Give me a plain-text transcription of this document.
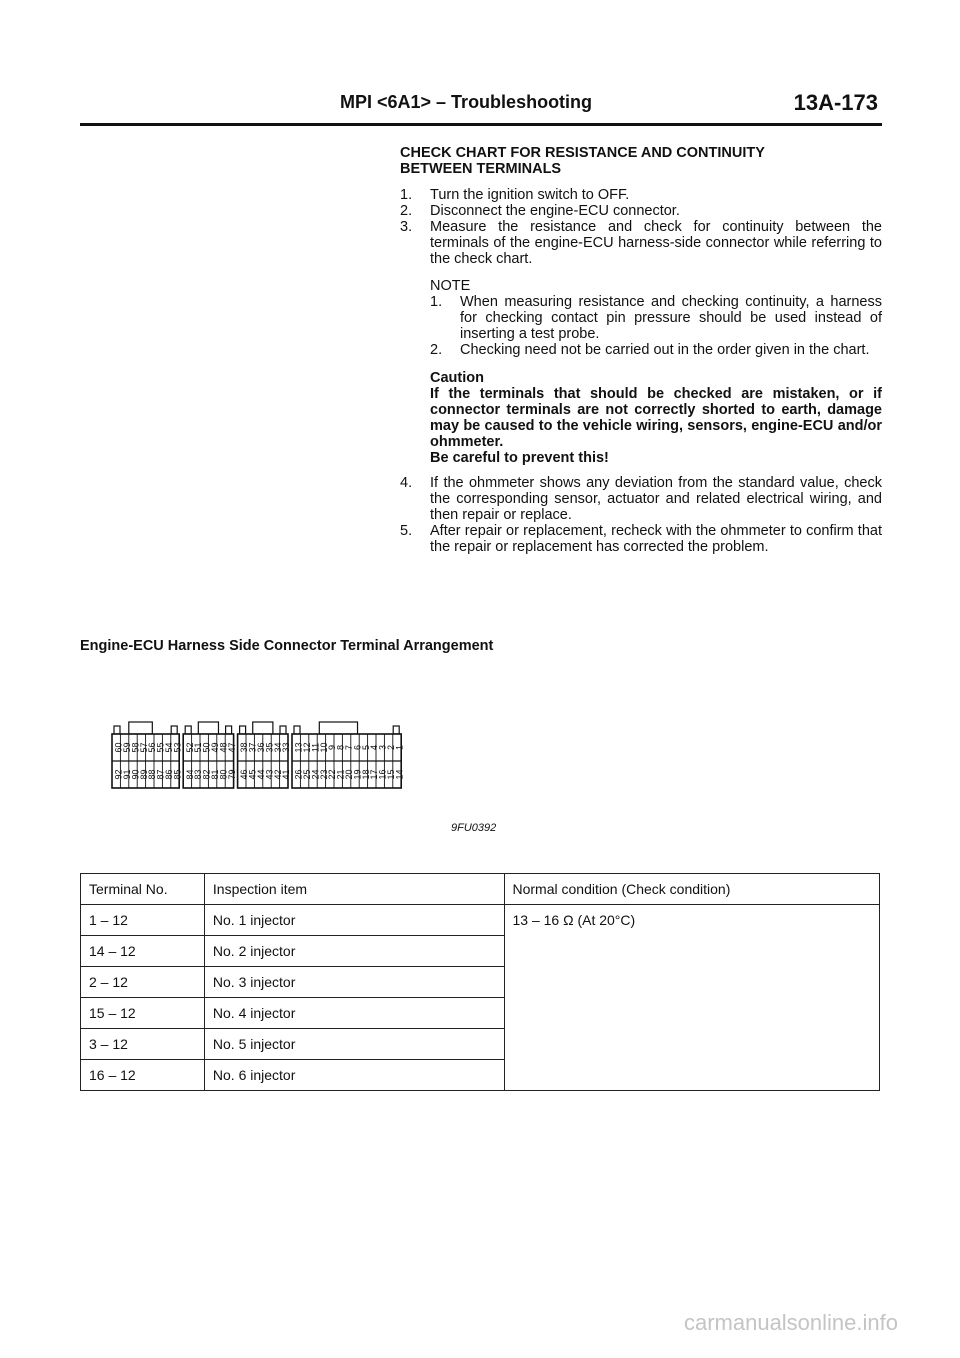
MPI <6A1> – Troubleshooting	13A-173
CHECK CHART FOR RESISTANCE AND CONTINUITY
BETWEEN TERMINALS
1.	Turn the ignition switch to OFF.
2.	Disconnect the engine-ECU connector.
3.	Measure the resistance and check for continuity between the terminals of the engine-ECU harness-side connector while referring to the check chart.
NOTE
1.	When measuring resistance and checking continuity, a harness for checking contact pin pressure should be used instead of inserting a test probe.
2.	Checking need not be carried out in the order given in the chart.
Caution
If the terminals that should be checked are mistaken, or if connector terminals are not correctly shorted to earth, damage may be caused to the vehicle wiring, sensors, engine-ECU and/or ohmmeter.
Be careful to prevent this!
4.	If the ohmmeter shows any deviation from the standard value, check the corresponding sensor, actuator and related electrical wiring, and then repair or replace.
5.	After repair or replacement, recheck with the ohmmeter to confirm that the repair or replacement has corrected the problem.
Engine-ECU Harness Side Connector Terminal Arrangement
60
59
58
57
56
55
54
53
92
91
90
89
88
87
86
85
52
51
50
49
48
47
84
83
82
81
80
79
38
37
36
35
34
33
46
45
44
43
42
41
13
12
11
10
9
8
7
6
5
4
3
2
1
26
25
24
23
22
21
20
19
18
17
16
15
14
9FU0392
Terminal No.	Inspection item	Normal condition (Check condition)
1 – 12	No. 1 injector	13 – 16 Ω (At 20°C)
14 – 12	No. 2 injector	
2 – 12	No. 3 injector	
15 – 12	No. 4 injector	
3 – 12	No. 5 injector	
16 – 12	No. 6 injector	
carmanualsonline.info
